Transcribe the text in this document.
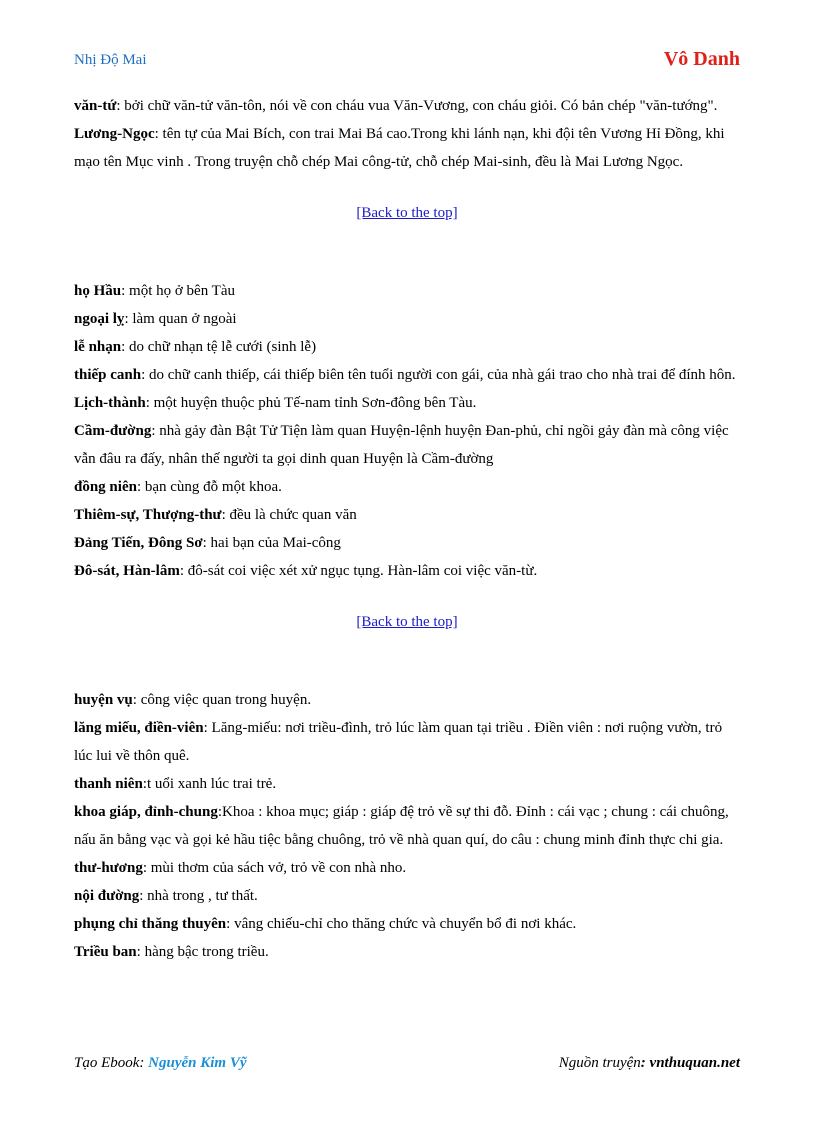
Nhị Độ Mai	Vô Danh

văn-tứ: bởi chữ văn-tử văn-tôn, nói về con cháu vua Văn-Vương, con cháu giỏi. Có bản chép "văn-tướng".

Lương-Ngọc: tên tự của Mai Bích, con trai Mai Bá cao.Trong khi lánh nạn, khi đội tên Vương Hỉ Đồng, khi mạo tên Mục vinh . Trong truyện chỗ chép Mai công-tử, chỗ chép Mai-sinh, đều là Mai Lương Ngọc.

[Back to the top]

họ Hầu: một họ ở bên Tàu

ngoại lỵ: làm quan ở ngoài

lễ nhạn: do chữ nhạn tệ lễ cưới (sinh lễ)

thiếp canh: do chữ canh thiếp, cái thiếp biên tên tuổi người con gái, của nhà gái trao cho nhà trai để đính hôn.

Lịch-thành: một huyện thuộc phủ Tế-nam tỉnh Sơn-đông bên Tàu.

Cầm-đường: nhà gảy đàn Bật Tử Tiện làm quan Huyện-lệnh huyện Đan-phủ, chỉ ngồi gảy đàn mà công việc vẫn đâu ra đấy, nhân thế người ta gọi dinh quan Huyện là Cầm-đường

đồng niên: bạn cùng đỗ một khoa.

Thiêm-sự, Thượng-thư: đều là chức quan văn

Đảng Tiến, Đông Sơ: hai bạn của Mai-công

Đô-sát, Hàn-lâm: đô-sát coi việc xét xử ngục tụng. Hàn-lâm coi việc văn-từ.

[Back to the top]

huyện vụ: công việc quan trong huyện.

lăng miếu, điền-viên: Lăng-miếu: nơi triều-đình, trỏ lúc làm quan tại triều . Điền viên : nơi ruộng vườn, trỏ lúc lui về thôn quê.

thanh niên:t uổi xanh lúc trai trẻ.

khoa giáp, đỉnh-chung:Khoa : khoa mục; giáp : giáp đệ trỏ về sự thi đỗ. Đỉnh : cái vạc ; chung : cái chuông, nấu ăn bằng vạc và gọi kẻ hầu tiệc bằng chuông, trỏ về nhà quan quí, do câu : chung minh đỉnh thực chi gia.

thư-hương: mùi thơm của sách vở, trỏ về con nhà nho.

nội đường: nhà trong , tư thất.

phụng chỉ thăng thuyên: vâng chiếu-chỉ cho thăng chức và chuyển bổ đi nơi khác.

Triều ban: hàng bậc trong triều.

Tạo Ebook: Nguyễn Kim Vỹ	Nguồn truyện: vnthuquan.net
